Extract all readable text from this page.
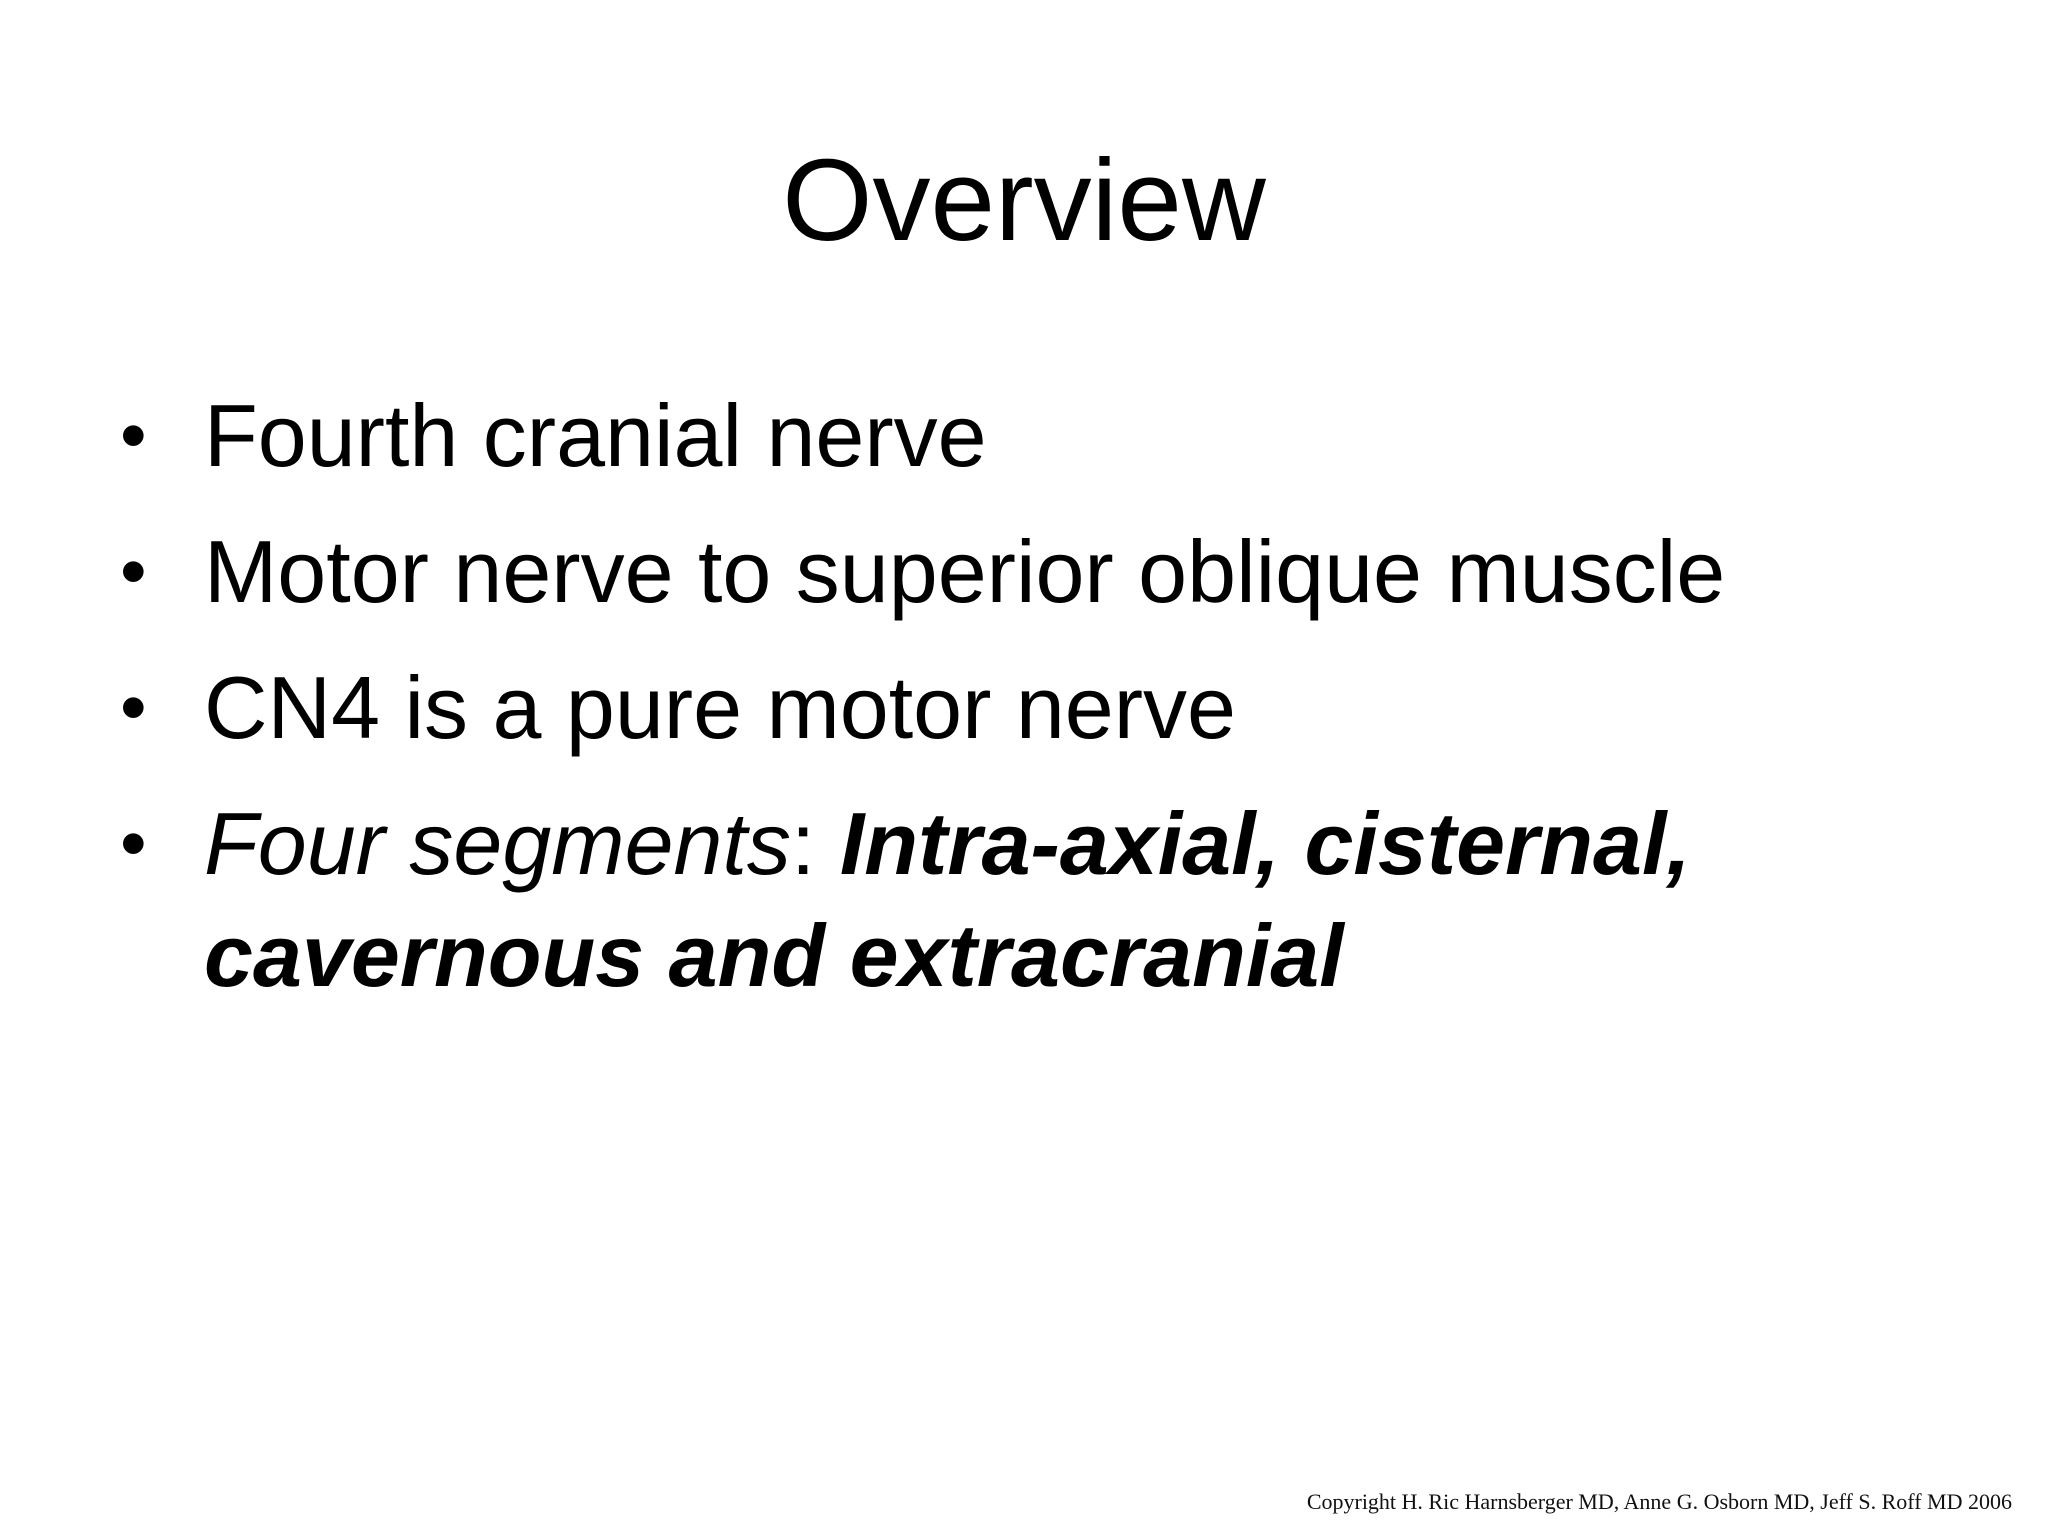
Overview
• Fourth cranial nerve
• Motor nerve to superior oblique muscle
• CN4 is a pure motor nerve
• Four segments: Intra-axial, cisternal, cavernous and extracranial
Copyright H. Ric Harnsberger MD, Anne G. Osborn MD, Jeff S. Roff MD 2006
